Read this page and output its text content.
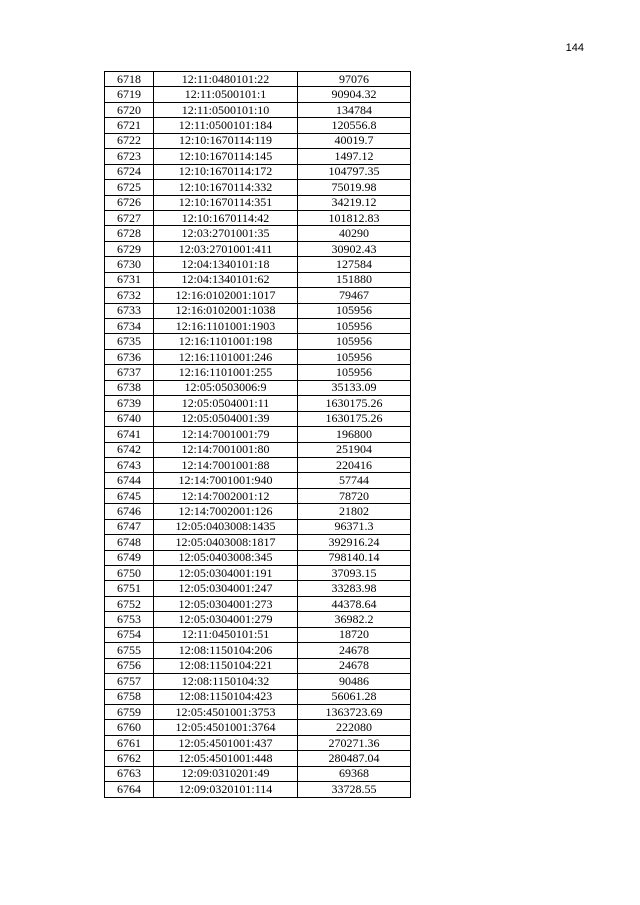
144
6718	12:11:0480101:22	97076
6719	12:11:0500101:1	90904.32
6720	12:11:0500101:10	134784
6721	12:11:0500101:184	120556.8
6722	12:10:1670114:119	40019.7
6723	12:10:1670114:145	1497.12
6724	12:10:1670114:172	104797.35
6725	12:10:1670114:332	75019.98
6726	12:10:1670114:351	34219.12
6727	12:10:1670114:42	101812.83
6728	12:03:2701001:35	40290
6729	12:03:2701001:411	30902.43
6730	12:04:1340101:18	127584
6731	12:04:1340101:62	151880
6732	12:16:0102001:1017	79467
6733	12:16:0102001:1038	105956
6734	12:16:1101001:1903	105956
6735	12:16:1101001:198	105956
6736	12:16:1101001:246	105956
6737	12:16:1101001:255	105956
6738	12:05:0503006:9	35133.09
6739	12:05:0504001:11	1630175.26
6740	12:05:0504001:39	1630175.26
6741	12:14:7001001:79	196800
6742	12:14:7001001:80	251904
6743	12:14:7001001:88	220416
6744	12:14:7001001:940	57744
6745	12:14:7002001:12	78720
6746	12:14:7002001:126	21802
6747	12:05:0403008:1435	96371.3
6748	12:05:0403008:1817	392916.24
6749	12:05:0403008:345	798140.14
6750	12:05:0304001:191	37093.15
6751	12:05:0304001:247	33283.98
6752	12:05:0304001:273	44378.64
6753	12:05:0304001:279	36982.2
6754	12:11:0450101:51	18720
6755	12:08:1150104:206	24678
6756	12:08:1150104:221	24678
6757	12:08:1150104:32	90486
6758	12:08:1150104:423	56061.28
6759	12:05:4501001:3753	1363723.69
6760	12:05:4501001:3764	222080
6761	12:05:4501001:437	270271.36
6762	12:05:4501001:448	280487.04
6763	12:09:0310201:49	69368
6764	12:09:0320101:114	33728.55
